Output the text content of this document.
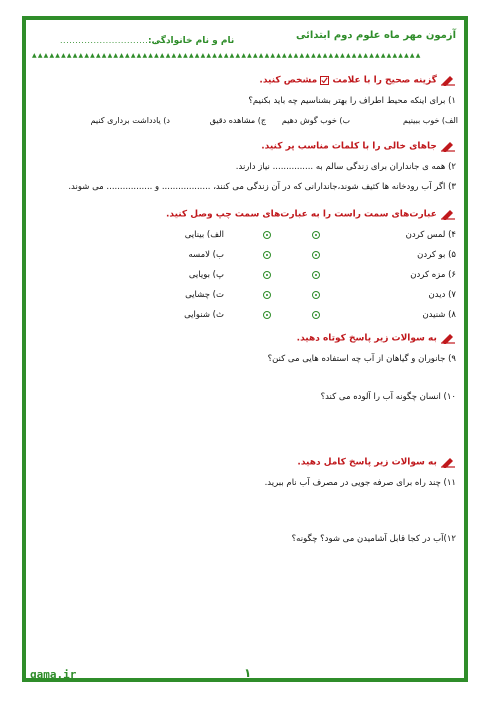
آزمون مهر ماه علوم دوم ابتدائی
نام و نام خانوادگی:
....................................
▲▲▲▲▲▲▲▲▲▲▲▲▲▲▲▲▲▲▲▲▲▲▲▲▲▲▲▲▲▲▲▲▲▲▲▲▲▲▲▲▲▲▲▲▲▲▲▲▲▲▲▲▲▲▲▲▲▲▲▲▲▲▲▲▲▲▲
گزینه صحیح را با علامت
مشخص کنید.
۱) برای اینکه محیط اطراف را بهتر بشناسیم چه باید بکنیم؟
الف) خوب ببینیم
ب) خوب گوش دهیم
ج) مشاهده دقیق
د) یادداشت برداری کنیم
جاهای خالی را با کلمات مناسب پر کنید.
۲) همه ی جانداران برای زندگی سالم به ............... نیاز دارند.
۳) اگر آب رودخانه ها کثیف شوند،جاندارانی که در آن زندگی می کنند، .................. و ................. می شوند.
عبارت‌های سمت راست را به عبارت‌های سمت چپ وصل کنید.
۴) لمس کردن
۵) بو کردن
۶) مزه کردن
۷) دیدن
۸) شنیدن
الف) بینایی
ب) لامسه
پ) بویایی
ت) چشایی
ث) شنوایی
به سوالات زیر پاسخ کوتاه دهید.
۹) جانوران و گیاهان از آب چه استفاده هایی می کنن؟
۱۰) انسان چگونه آب را آلوده می کند؟
به سوالات زیر پاسخ کامل دهید.
۱۱) چند راه برای صرفه جویی در مصرف آب نام ببرید.
۱۲)آب در کجا قابل آشامیدن می شود؟ چگونه؟
gama.ir	۱
